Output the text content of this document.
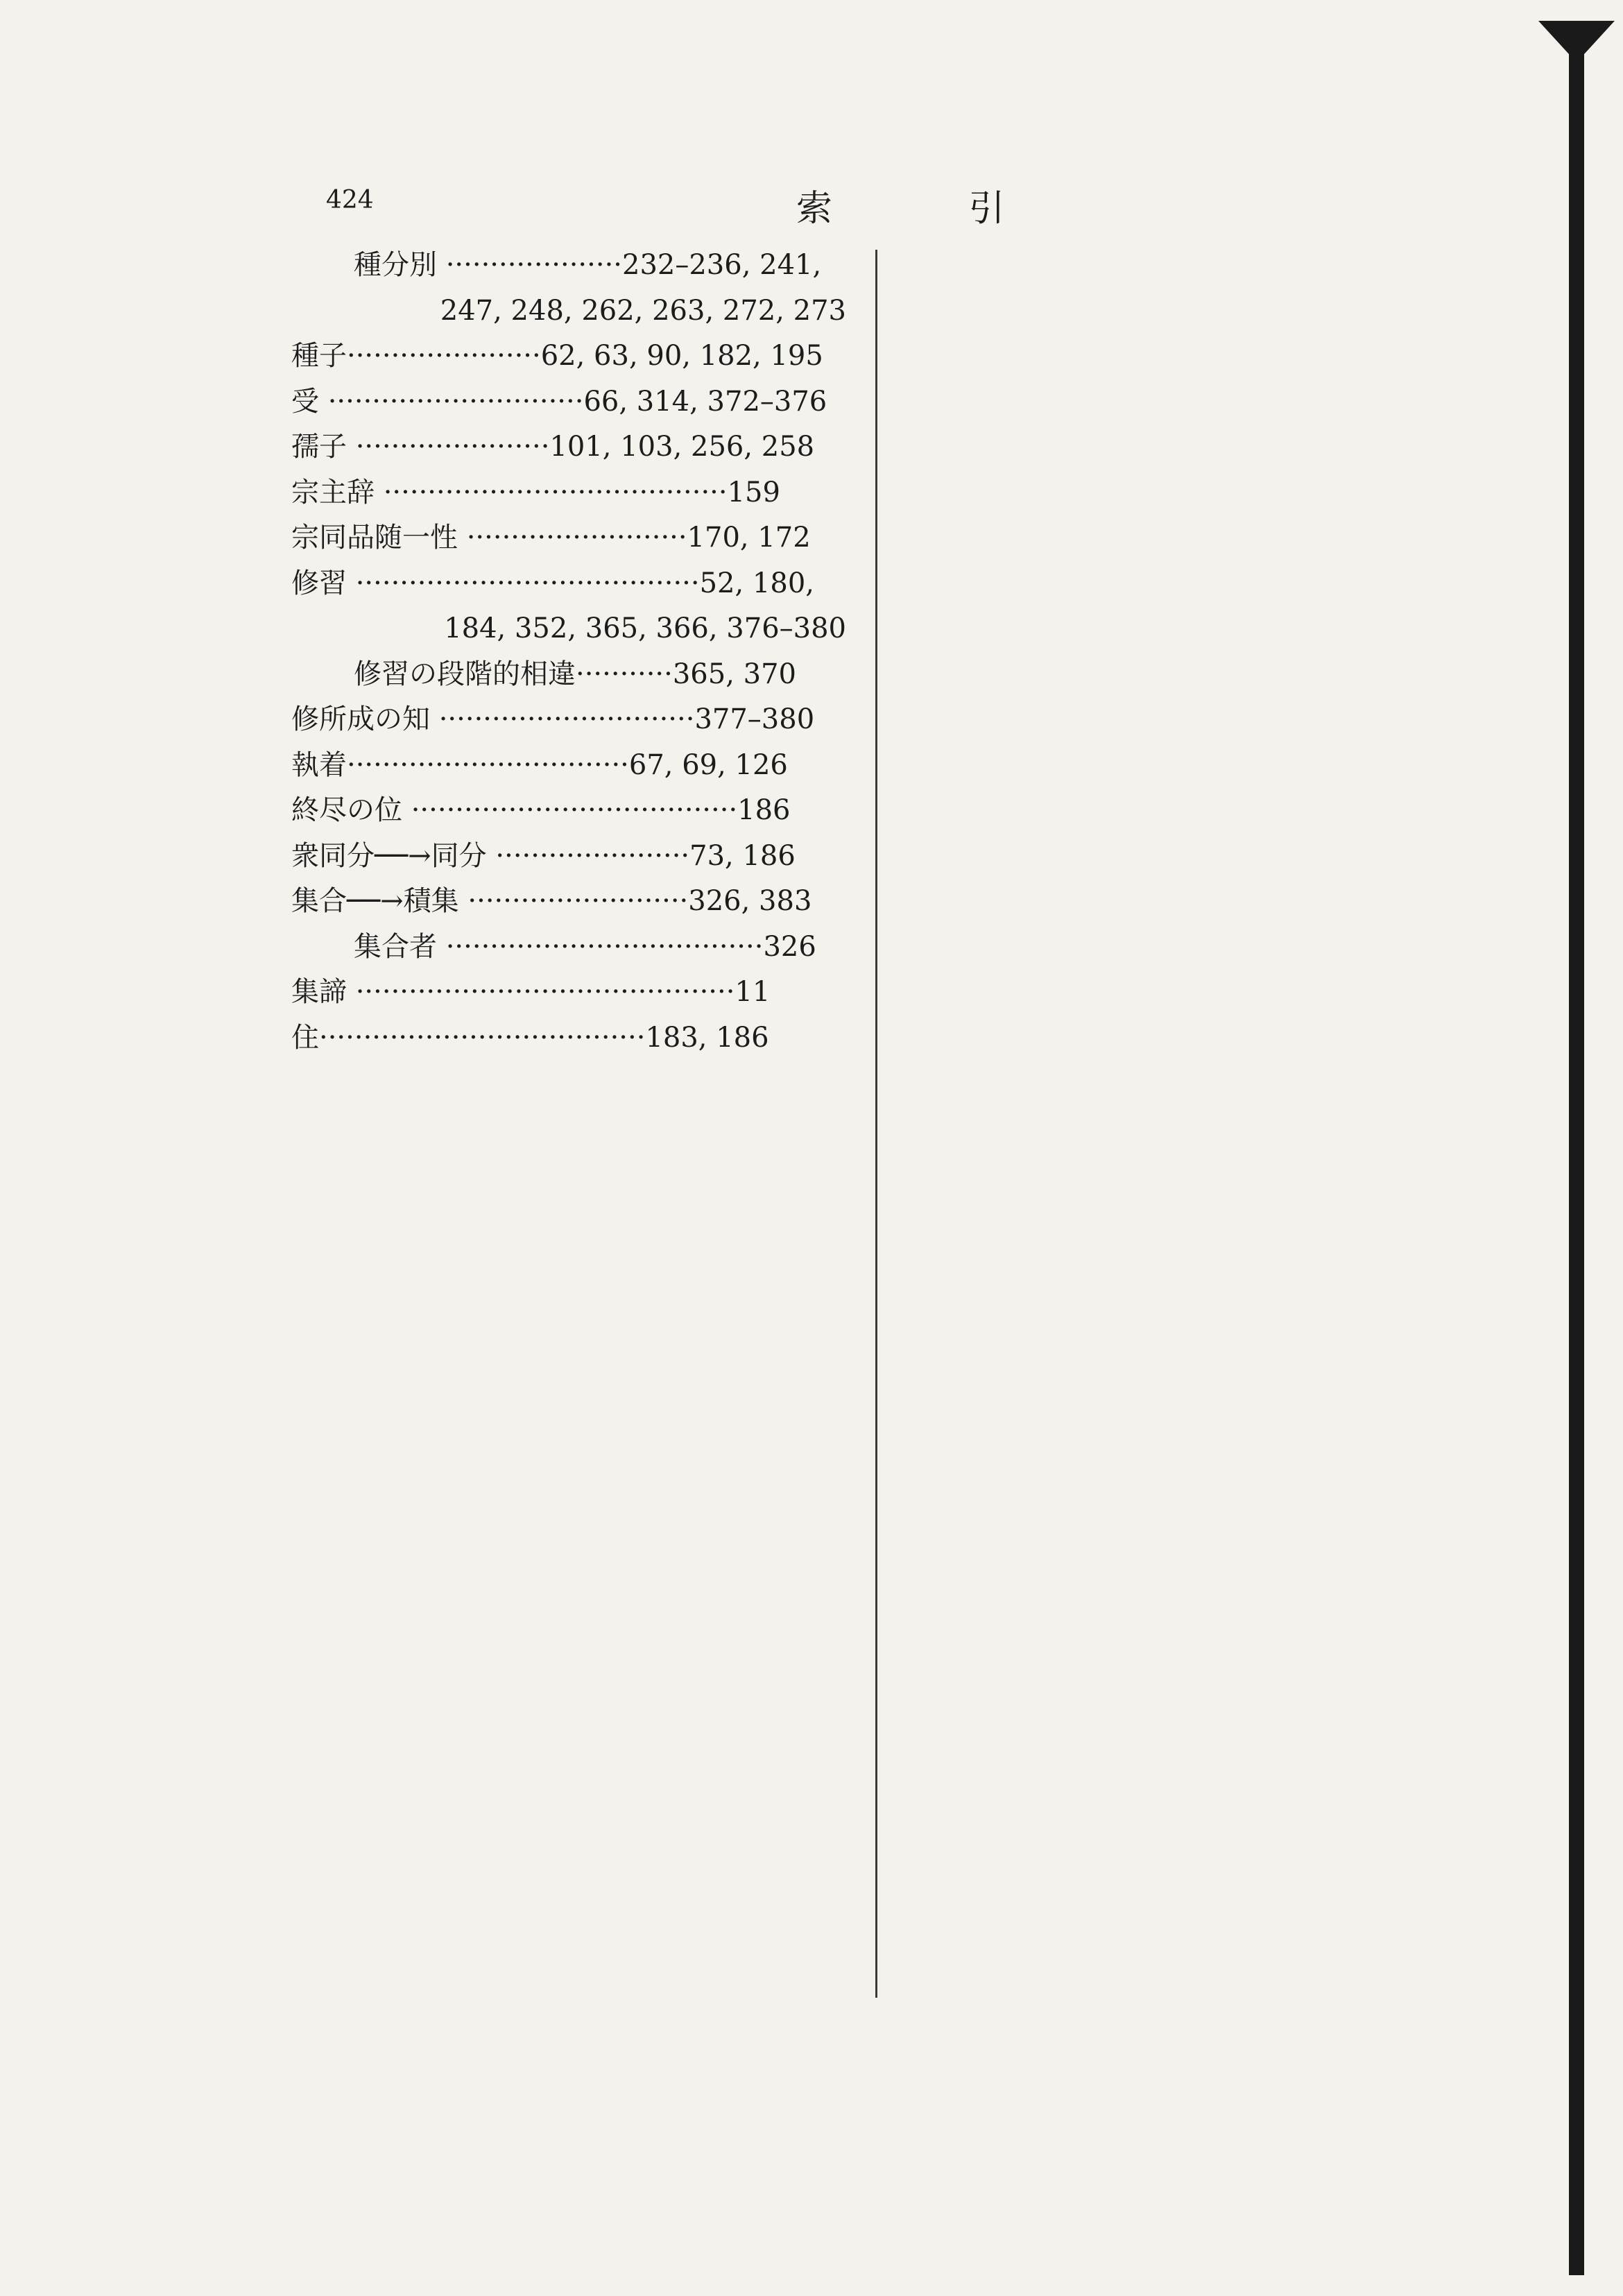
424	索 引
種分別 ····················232–236, 241,
247, 248, 262, 263, 272, 273
種子······················62, 63, 90, 182, 195
受 ·····························66, 314, 372–376
孺子 ······················101, 103, 256, 258
宗主辞 ·······································159
宗同品随一性 ·························170, 172
修習 ·······································52, 180,
184, 352, 365, 366, 376–380
修習の段階的相違···········365, 370
修所成の知 ·····························377–380
執着································67, 69, 126
終尽の位 ·····································186
衆同分──→同分 ······················73, 186
集合──→積集 ·························326, 383
集合者 ····································326
集諦 ···········································11
住·····································183, 186
